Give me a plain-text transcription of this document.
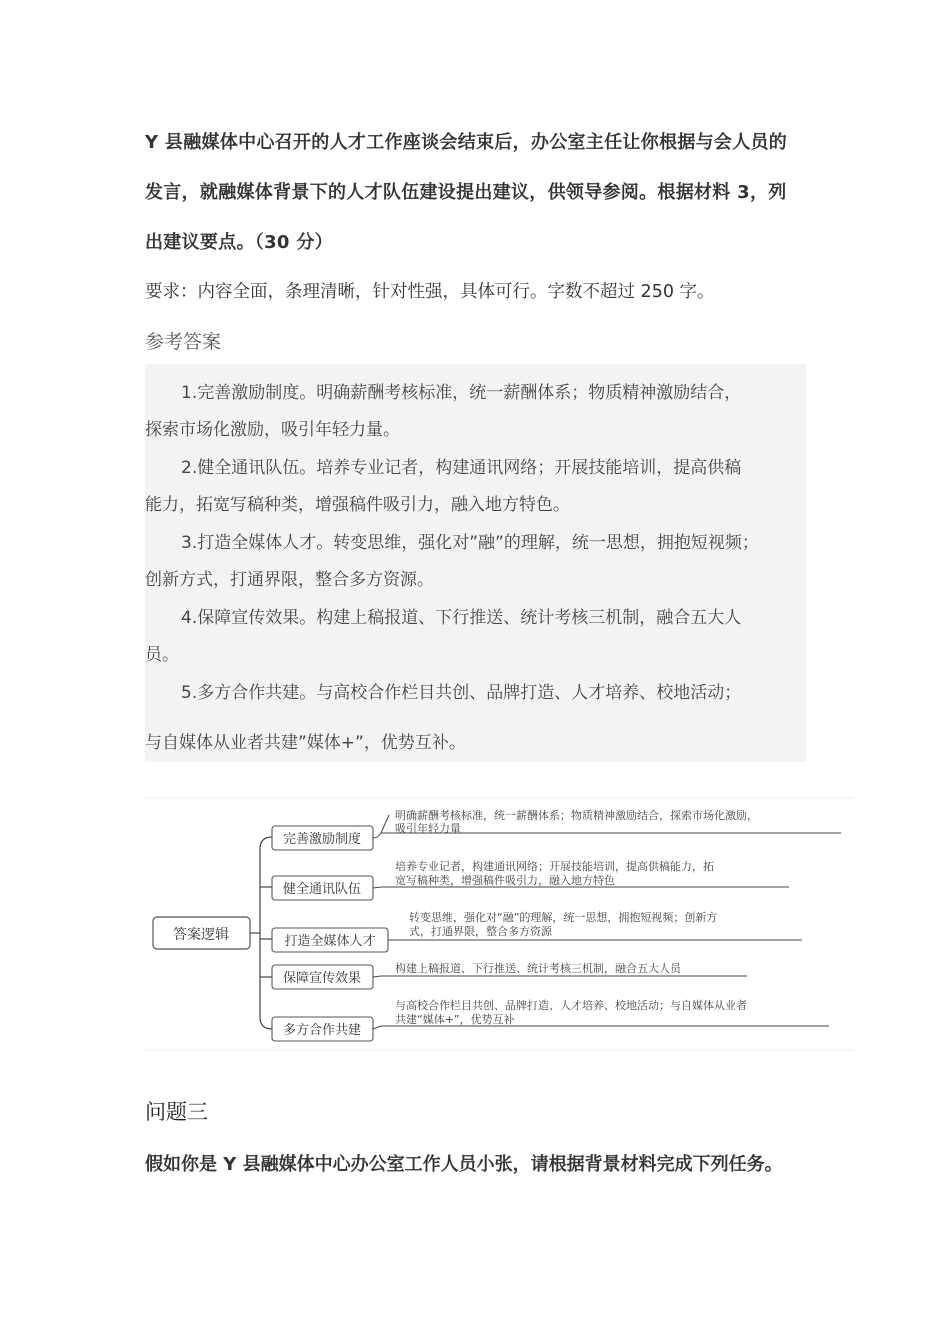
Y 县融媒体中心召开的人才工作座谈会结束后，办公室主任让你根据与会人员的
发言，就融媒体背景下的人才队伍建设提出建议，供领导参阅。根据材料 3，列
出建议要点。（30 分）
要求：内容全面，条理清晰，针对性强，具体可行。字数不超过 250 字。
参考答案
1.完善激励制度。明确薪酬考核标准，统一薪酬体系；物质精神激励结合，
探索市场化激励，吸引年轻力量。
2.健全通讯队伍。培养专业记者，构建通讯网络；开展技能培训，提高供稿
能力，拓宽写稿种类，增强稿件吸引力，融入地方特色。
3.打造全媒体人才。转变思维，强化对”融”的理解，统一思想，拥抱短视频；
创新方式，打通界限，整合多方资源。
4.保障宣传效果。构建上稿报道、下行推送、统计考核三机制，融合五大人
员。
5.多方合作共建。与高校合作栏目共创、品牌打造、人才培养、校地活动；
与自媒体从业者共建”媒体+”，优势互补。
答案逻辑
完善激励制度
明确薪酬考核标准，统一薪酬体系；物质精神激励结合，探索市场化激励，
吸引年轻力量
健全通讯队伍
培养专业记者，构建通讯网络；开展技能培训，提高供稿能力，拓
宽写稿种类，增强稿件吸引力，融入地方特色
打造全媒体人才
转变思维，强化对“融”的理解，统一思想，拥抱短视频；创新方
式，打通界限，整合多方资源
保障宣传效果
构建上稿报道、下行推送、统计考核三机制，融合五大人员
多方合作共建
与高校合作栏目共创、品牌打造、人才培养、校地活动；与自媒体从业者
共建“媒体+”，优势互补
问题三
假如你是 Y 县融媒体中心办公室工作人员小张，请根据背景材料完成下列任务。
